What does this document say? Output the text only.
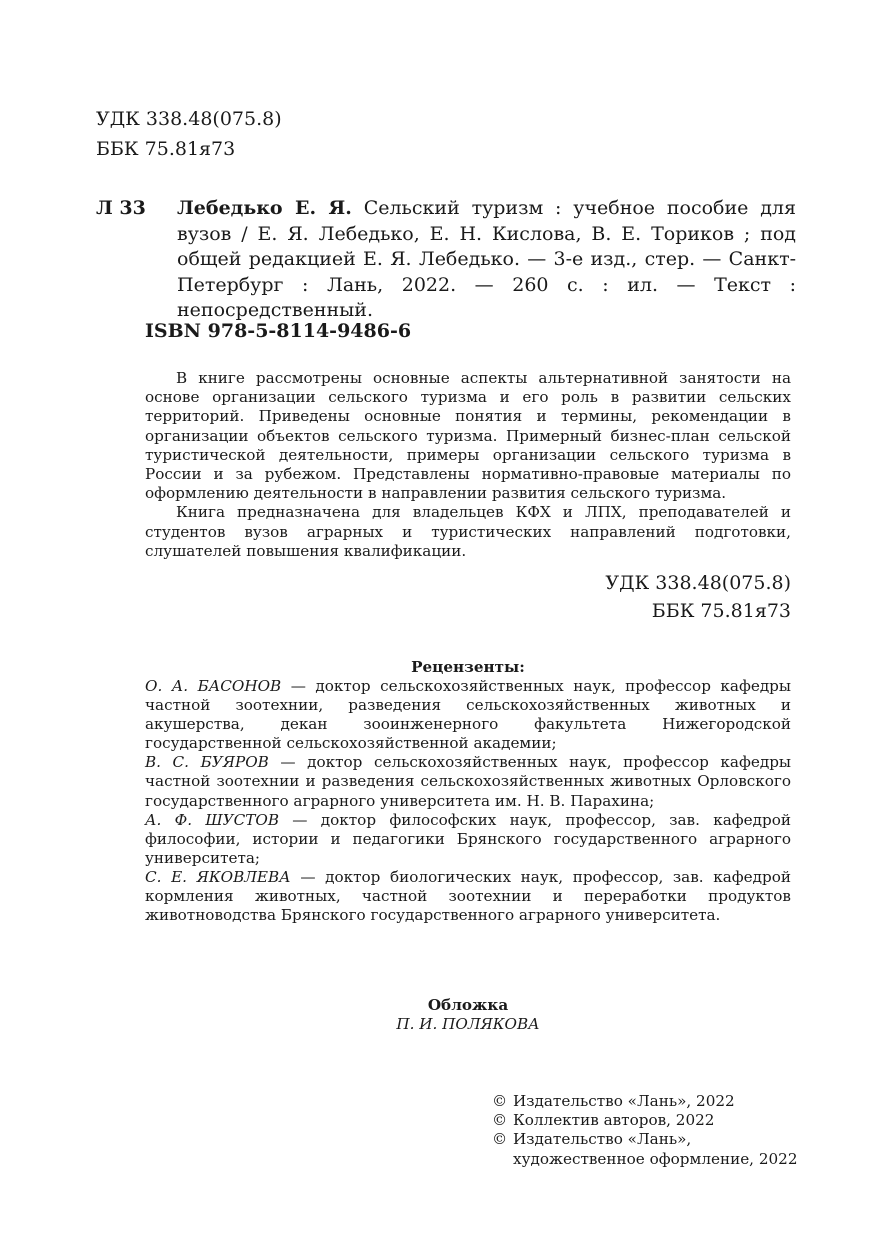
УДК 338.48(075.8)
ББК 75.81я73
Л 33 Лебедько Е. Я. Сельский туризм : учебное пособие для вузов / Е. Я. Лебедько, Е. Н. Кислова, В. Е. Ториков ; под общей редакцией Е. Я. Лебедько. — 3-е изд., стер. — Санкт-Петербург : Лань, 2022. — 260 с. : ил. — Текст : непосредственный.
ISBN 978-5-8114-9486-6

В книге рассмотрены основные аспекты альтернативной занятости на основе организации сельского туризма и его роль в развитии сельских территорий. Приведены основные понятия и термины, рекомендации в организации объектов сельского туризма. Примерный бизнес-план сельской туристической деятельности, примеры организации сельского туризма в России и за рубежом. Представлены нормативно-правовые материалы по оформлению деятельности в направлении развития сельского туризма.

Книга предназначена для владельцев КФХ и ЛПХ, преподавателей и студентов вузов аграрных и туристических направлений подготовки, слушателей повышения квалификации.

УДК 338.48(075.8)
ББК 75.81я73
Рецензенты:

О. А. БАСОНОВ — доктор сельскохозяйственных наук, профессор кафедры частной зоотехнии, разведения сельскохозяйственных животных и акушерства, декан зооинженерного факультета Нижегородской государственной сельскохозяйственной академии;

В. С. БУЯРОВ — доктор сельскохозяйственных наук, профессор кафедры частной зоотехнии и разведения сельскохозяйственных животных Орловского государственного аграрного университета им. Н. В. Парахина;

А. Ф. ШУСТОВ — доктор философских наук, профессор, зав. кафедрой философии, истории и педагогики Брянского государственного аграрного университета;

С. Е. ЯКОВЛЕВА — доктор биологических наук, профессор, зав. кафедрой кормления животных, частной зоотехнии и переработки продуктов животноводства Брянского государственного аграрного университета.

Обложка
П. И. ПОЛЯКОВА
© Издательство «Лань», 2022
© Коллектив авторов, 2022
© Издательство «Лань»,
художественное оформление, 2022
